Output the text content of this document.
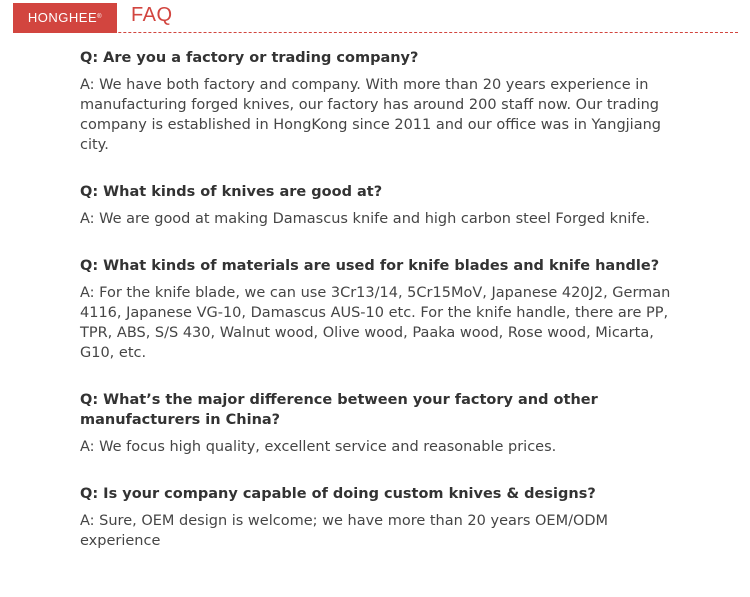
HONGHEE ® FAQ
Q: Are you a factory or trading company?
A: We have both factory and company. With more than 20 years experience in manufacturing forged knives, our factory has around 200 staff now. Our trading company is established in HongKong since 2011 and our office was in Yangjiang city.
Q: What kinds of knives are good at?
A: We are good at making Damascus knife and high carbon steel Forged knife.
Q: What kinds of materials are used for knife blades and knife handle?
A: For the knife blade, we can use 3Cr13/14, 5Cr15MoV, Japanese 420J2, German 4116, Japanese VG-10, Damascus AUS-10 etc. For the knife handle, there are PP, TPR, ABS, S/S 430, Walnut wood, Olive wood, Paaka wood, Rose wood, Micarta, G10, etc.
Q: What’s the major difference between your factory and other manufacturers in China?
A: We focus high quality, excellent service and reasonable prices.
Q: Is your company capable of doing custom knives & designs?
A: Sure, OEM design is welcome; we have more than 20 years OEM/ODM experience
